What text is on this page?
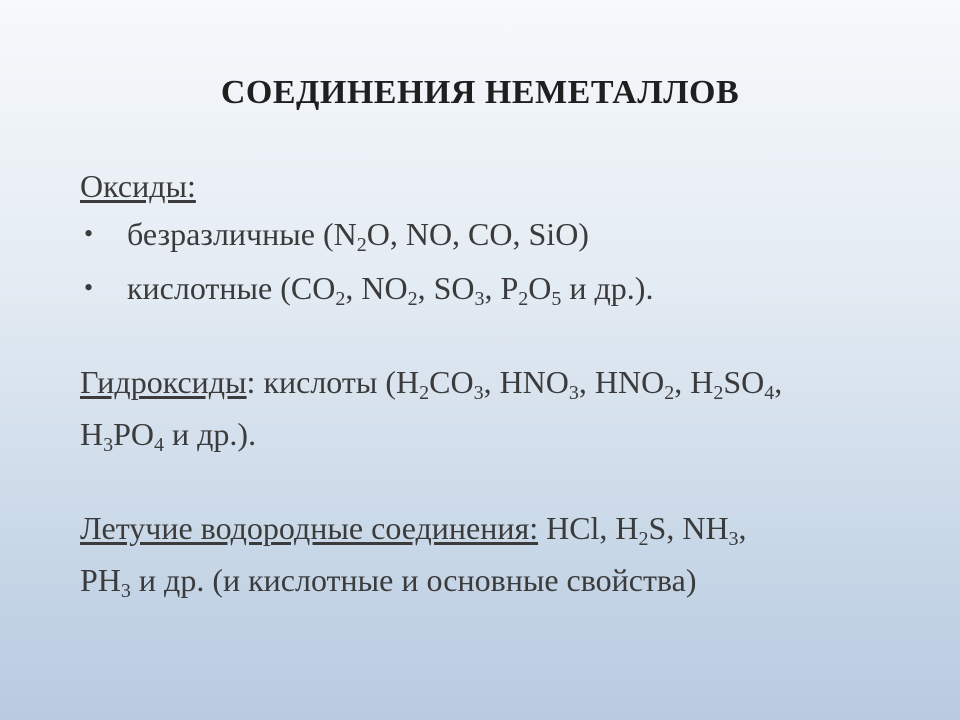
СОЕДИНЕНИЯ НЕМЕТАЛЛОВ

Оксиды:

• безразличные ($N_2O$, NO, CO, SiO)

• кислотные ($CO_2$, $NO_2$, $SO_3$, $P_2O_5$ и др.).

Гидроксиды: кислоты ($H_2CO_3$, $HNO_3$, $HNO_2$, $H_2SO_4$,

$H_3PO_4$ и др.).

Летучие водородные соединения: HCl, $H_2S$, $NH_3$,

$PH_3$ и др. (и кислотные и основные свойства)
